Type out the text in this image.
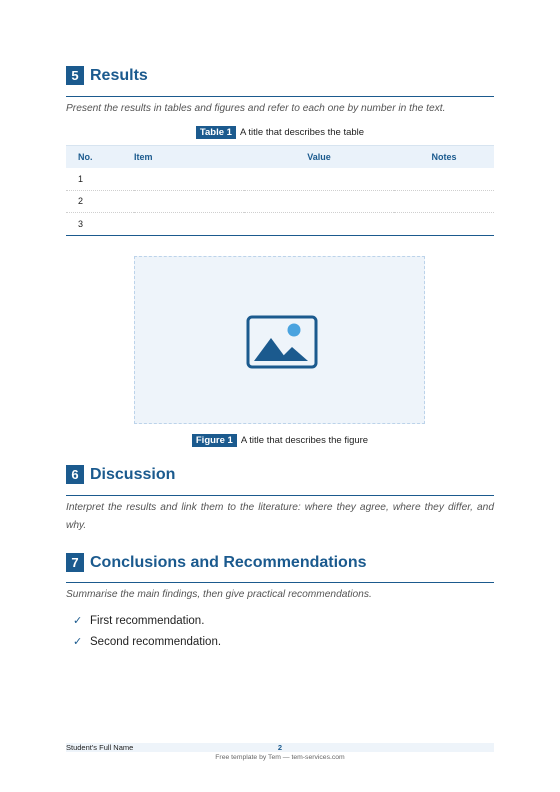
5 Results
Present the results in tables and figures and refer to each one by number in the text.
Table 1 A title that describes the table
No.	Item	Value	Notes
1			
2			
3			
Figure 1 A title that describes the figure
6 Discussion
Interpret the results and link them to the literature: where they agree, where they differ, and why.
7 Conclusions and Recommendations
Summarise the main findings, then give practical recommendations.
✓ First recommendation.
✓ Second recommendation.
Student's Full Name	2
Free template by Tem — tem-services.com
